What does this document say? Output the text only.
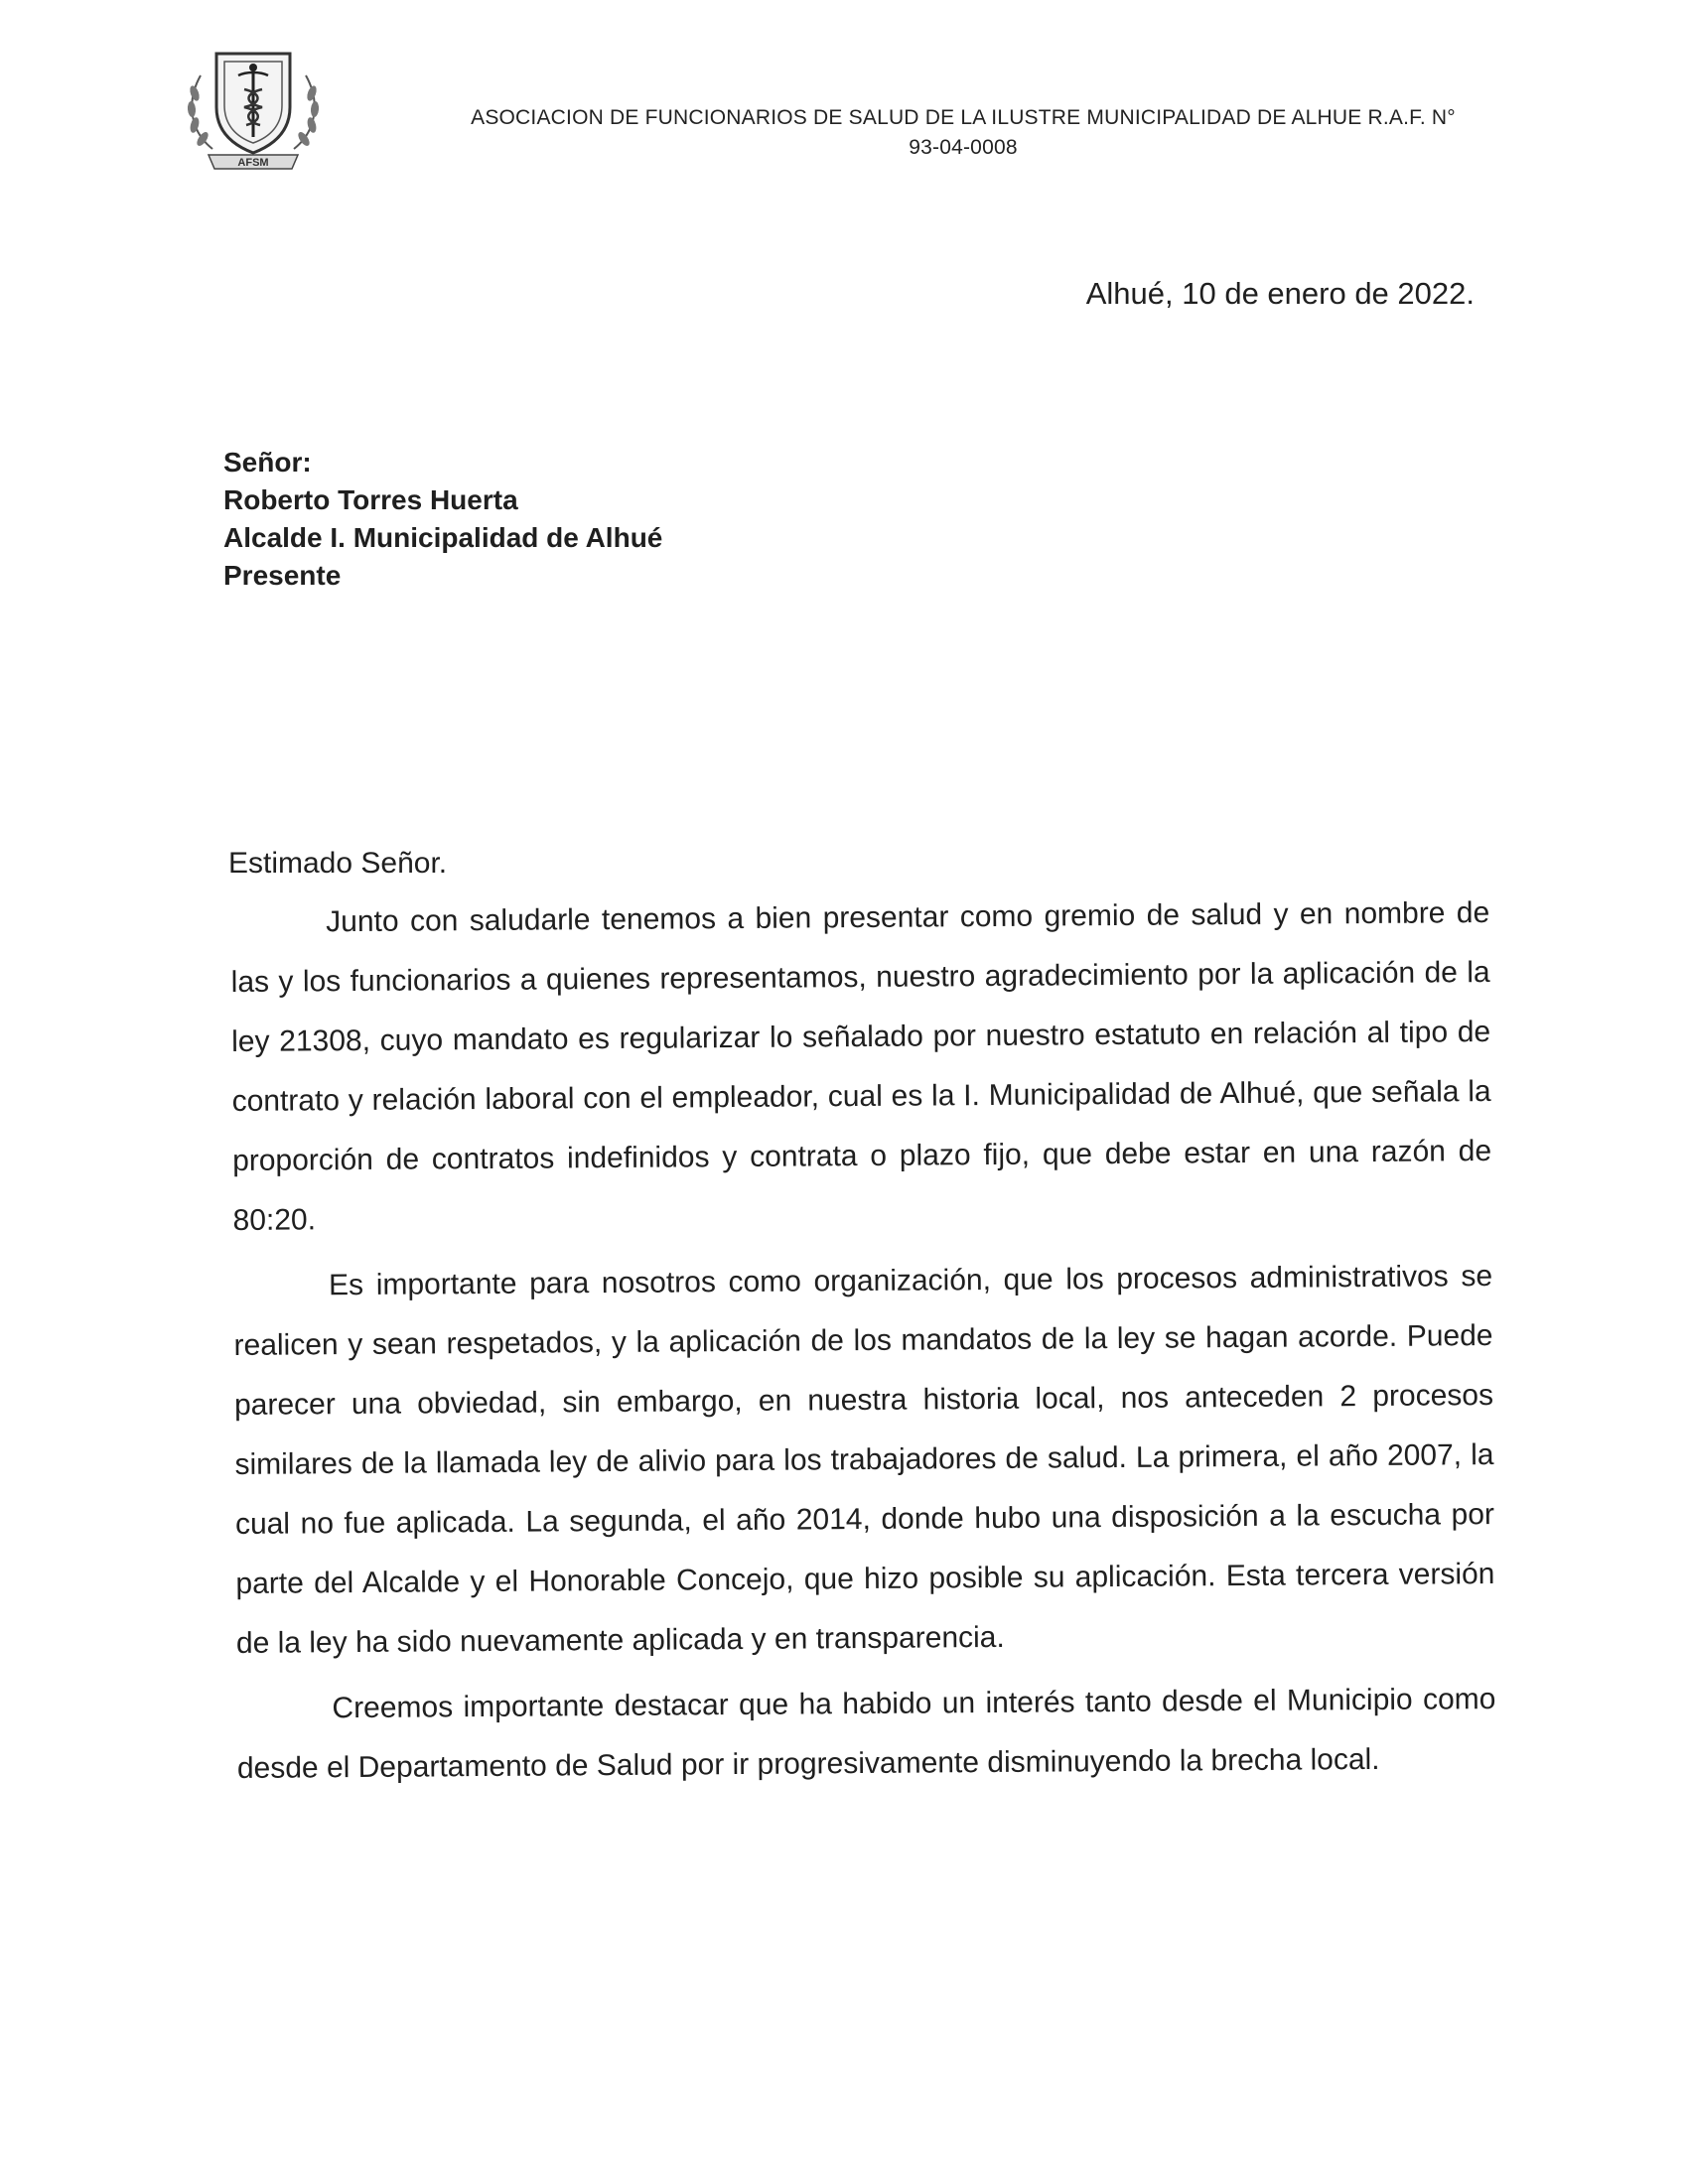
AFSM
ASOCIACION DE FUNCIONARIOS DE SALUD DE LA ILUSTRE MUNICIPALIDAD DE ALHUE R.A.F. N° 93-04-0008
Alhué, 10 de enero de 2022.
Señor:
Roberto Torres Huerta
Alcalde I. Municipalidad de Alhué
Presente
Estimado Señor.

Junto con saludarle tenemos a bien presentar como gremio de salud y en nombre de las y los funcionarios a quienes representamos, nuestro agradecimiento por la aplicación de la ley 21308, cuyo mandato es regularizar lo señalado por nuestro estatuto en relación al tipo de contrato y relación laboral con el empleador, cual es la I. Municipalidad de Alhué, que señala la proporción de contratos indefinidos y contrata o plazo fijo, que debe estar en una razón de 80:20.

Es importante para nosotros como organización, que los procesos administrativos se realicen y sean respetados, y la aplicación de los mandatos de la ley se hagan acorde. Puede parecer una obviedad, sin embargo, en nuestra historia local, nos anteceden 2 procesos similares de la llamada ley de alivio para los trabajadores de salud. La primera, el año 2007, la cual no fue aplicada. La segunda, el año 2014, donde hubo una disposición a la escucha por parte del Alcalde y el Honorable Concejo, que hizo posible su aplicación. Esta tercera versión de la ley ha sido nuevamente aplicada y en transparencia.

Creemos importante destacar que ha habido un interés tanto desde el Municipio como desde el Departamento de Salud por ir progresivamente disminuyendo la brecha local.
